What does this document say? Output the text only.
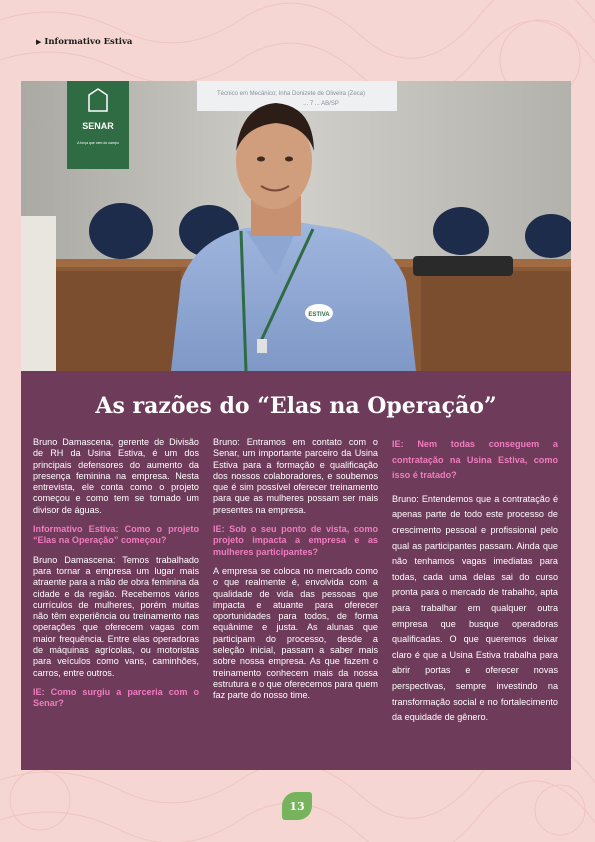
▶ Informativo Estiva
Técnico em Mecânico; Inha Donizete de Oliveira (Zeca)
... 7 ... AB/SP
SENAR
A força que vem do campo
ESTIVA
As razões do “Elas na Operação”

Bruno Damascena, gerente de Divisão de RH da Usina Estiva, é um dos principais defensores do aumento da presença feminina na empresa. Nesta entrevista, ele conta como o projeto começou e como tem se tornado um divisor de águas.

Informativo Estiva: Como o projeto “Elas na Operação” começou?

Bruno Damascena: Temos trabalhado para tornar a empresa um lugar mais atraente para a mão de obra feminina da cidade e da região. Recebemos vários currículos de mulheres, porém muitas não têm experiência ou treinamento nas operações que oferecem vagas com maior frequência. Entre elas operadoras de máquinas agrícolas, ou motoristas para veículos como vans, caminhões, carros, entre outros.

IE: Como surgiu a parceria com o Senar?

Bruno: Entramos em contato com o Senar, um importante parceiro da Usina Estiva para a formação e qualificação dos nossos colaboradores, e soubemos que é sim possível oferecer treinamento para que as mulheres possam ser mais presentes na empresa.

IE: Sob o seu ponto de vista, como projeto impacta a empresa e as mulheres participantes?

A empresa se coloca no mercado como o que realmente é, envolvida com a qualidade de vida das pessoas que impacta e atuante para oferecer oportunidades para todos, de forma equânime e justa. As alunas que participam do processo, desde a seleção inicial, passam a saber mais sobre nossa empresa. As que fazem o treinamento conhecem mais da nossa estrutura e o que oferecemos para quem faz parte do nosso time.

IE: Nem todas conseguem a contratação na Usina Estiva, como isso é tratado?

Bruno: Entendemos que a contratação é apenas parte de todo este processo de crescimento pessoal e profissional pelo qual as participantes passam. Ainda que não tenhamos vagas imediatas para todas, cada uma delas sai do curso pronta para o mercado de trabalho, apta para trabalhar em qualquer outra empresa que busque operadoras qualificadas. O que queremos deixar claro é que a Usina Estiva trabalha para abrir portas e oferecer novas perspectivas, sempre investindo na transformação social e no fortalecimento da equidade de gênero.

13
